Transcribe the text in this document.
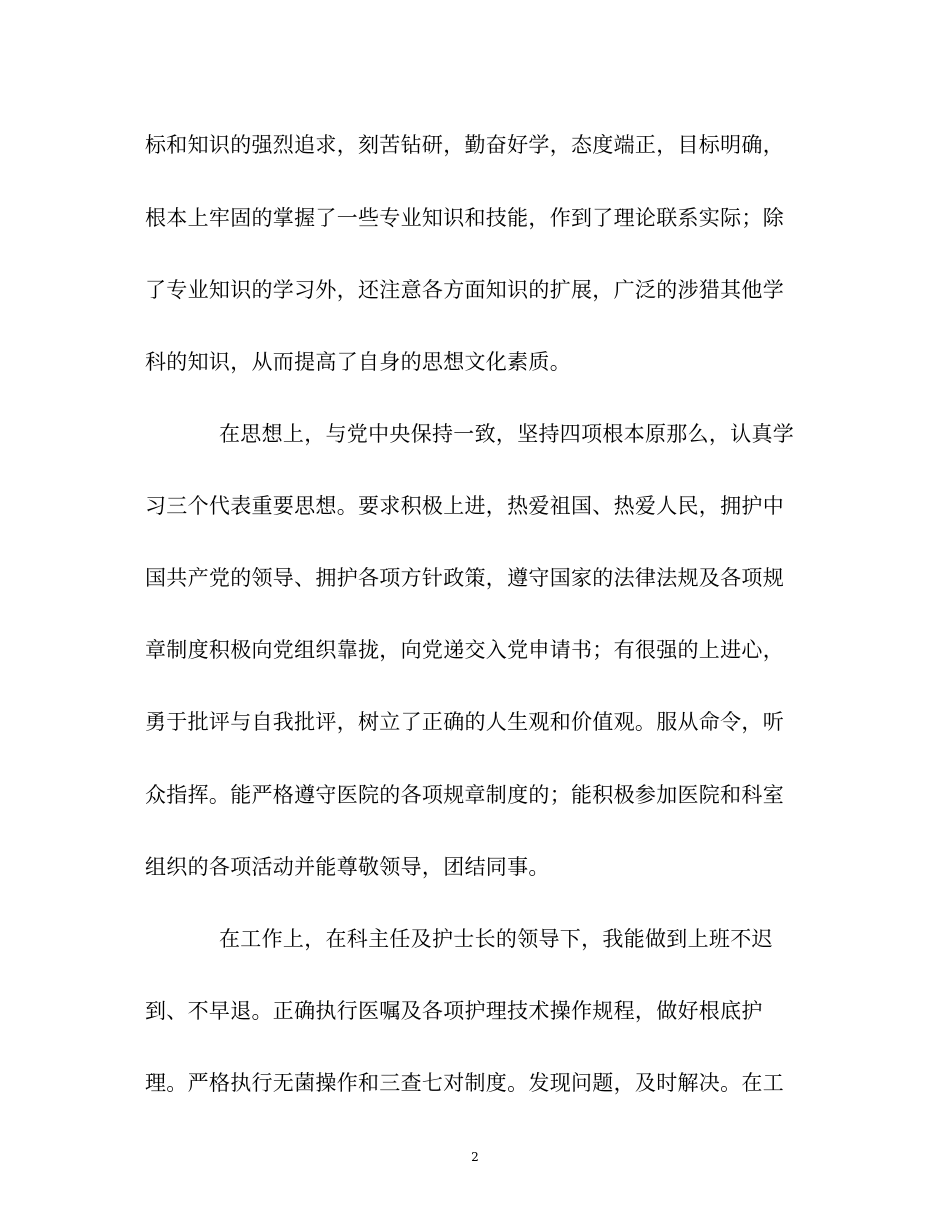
标和知识的强烈追求，刻苦钻研，勤奋好学，态度端正，目标明确，
根本上牢固的掌握了一些专业知识和技能，作到了理论联系实际；除
了专业知识的学习外，还注意各方面知识的扩展，广泛的涉猎其他学
科的知识，从而提高了自身的思想文化素质。
在思想上，与党中央保持一致，坚持四项根本原那么，认真学
习三个代表重要思想。要求积极上进，热爱祖国、热爱人民，拥护中
国共产党的领导、拥护各项方针政策，遵守国家的法律法规及各项规
章制度积极向党组织靠拢，向党递交入党申请书；有很强的上进心，
勇于批评与自我批评，树立了正确的人生观和价值观。服从命令，听
众指挥。能严格遵守医院的各项规章制度的；能积极参加医院和科室
组织的各项活动并能尊敬领导，团结同事。
在工作上，在科主任及护士长的领导下，我能做到上班不迟
到、不早退。正确执行医嘱及各项护理技术操作规程，做好根底护
理。严格执行无菌操作和三查七对制度。发现问题，及时解决。在工
2
